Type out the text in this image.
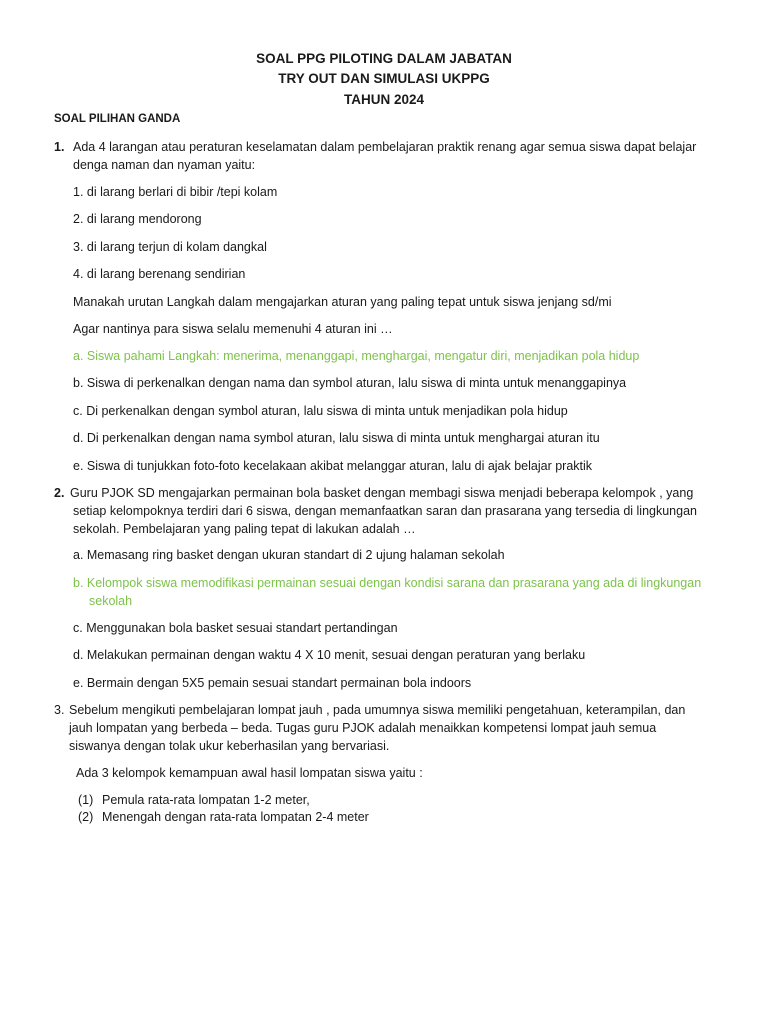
SOAL PPG PILOTING DALAM JABATAN
TRY OUT DAN SIMULASI UKPPG
TAHUN 2024
SOAL PILIHAN GANDA
1. Ada 4 larangan atau peraturan keselamatan dalam pembelajaran praktik renang agar semua siswa dapat belajar
denga naman dan nyaman yaitu:
1. di larang berlari di bibir /tepi kolam
2. di larang mendorong
3. di larang terjun di kolam dangkal
4. di larang berenang sendirian
Manakah urutan Langkah dalam mengajarkan aturan yang paling tepat untuk siswa jenjang sd/mi
Agar nantinya para siswa selalu memenuhi 4 aturan ini …
a. Siswa pahami Langkah: menerima, menanggapi, menghargai, mengatur diri, menjadikan pola hidup
b. Siswa di perkenalkan dengan nama dan symbol aturan, lalu siswa di minta untuk menanggapinya
c. Di perkenalkan dengan symbol aturan, lalu siswa di minta untuk menjadikan pola hidup
d. Di perkenalkan dengan nama symbol aturan, lalu siswa di minta untuk menghargai aturan itu
e. Siswa di tunjukkan foto-foto kecelakaan akibat melanggar aturan, lalu di ajak belajar praktik
2. Guru PJOK SD mengajarkan permainan bola basket dengan membagi siswa menjadi beberapa kelompok , yang
setiap kelompoknya terdiri dari 6 siswa, dengan memanfaatkan saran dan prasarana yang tersedia di lingkungan
sekolah. Pembelajaran yang paling tepat di lakukan adalah …
a. Memasang ring basket dengan ukuran standart di 2 ujung halaman sekolah
b. Kelompok siswa memodifikasi permainan sesuai dengan kondisi sarana dan prasarana yang ada di lingkungan
sekolah
c. Menggunakan bola basket sesuai standart pertandingan
d. Melakukan permainan dengan waktu 4 X 10 menit, sesuai dengan peraturan yang berlaku
e. Bermain dengan 5X5 pemain sesuai standart permainan bola indoors
3. Sebelum mengikuti pembelajaran lompat jauh , pada umumnya siswa memiliki pengetahuan, keterampilan, dan
jauh lompatan yang berbeda – beda. Tugas guru PJOK adalah menaikkan kompetensi lompat jauh semua
siswanya dengan tolak ukur keberhasilan yang bervariasi.
Ada 3 kelompok kemampuan awal hasil lompatan siswa yaitu :
(1) Pemula rata-rata lompatan 1-2 meter,
(2) Menengah dengan rata-rata lompatan 2-4 meter
